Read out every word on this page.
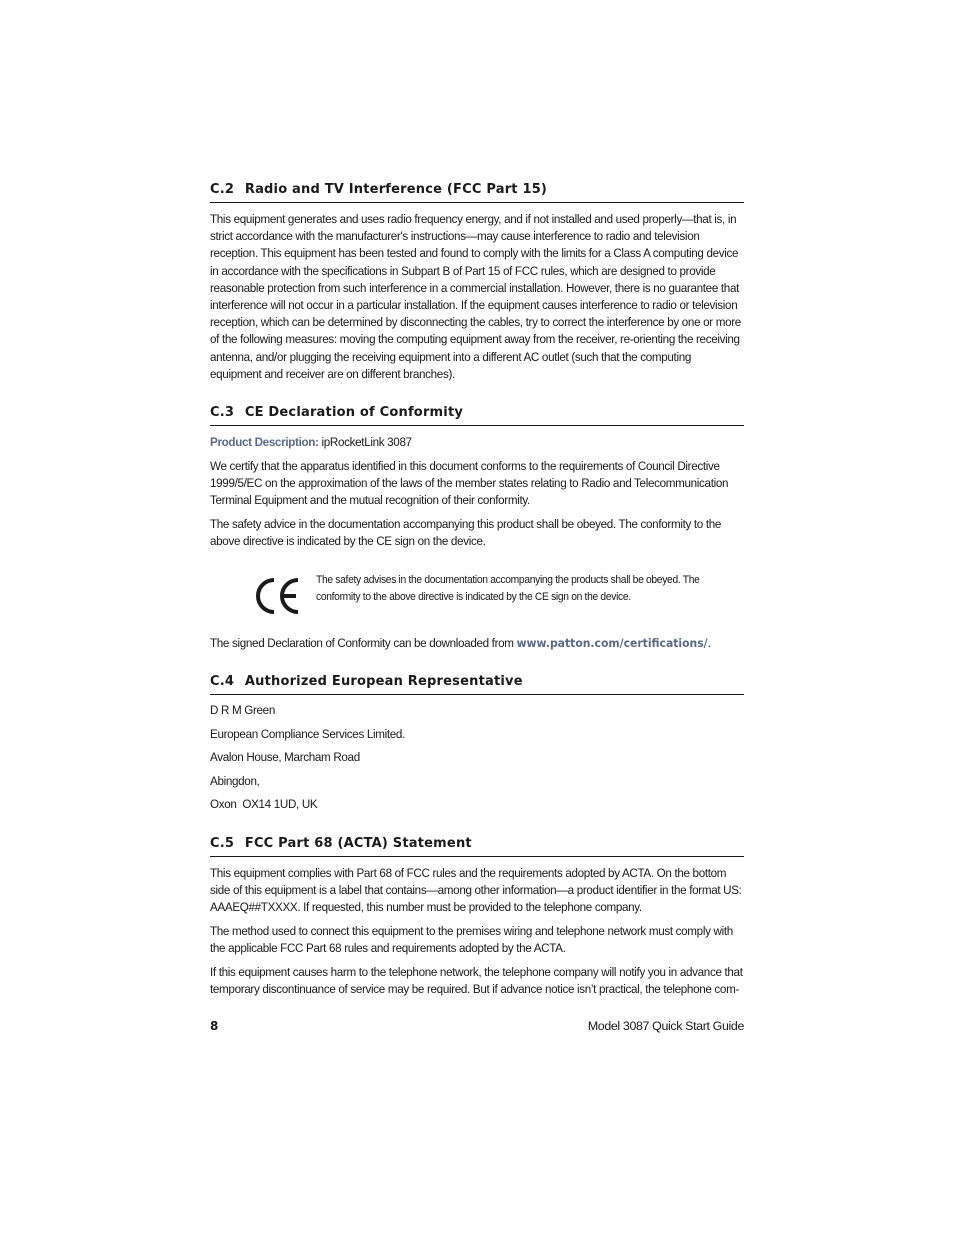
C.2 Radio and TV Interference (FCC Part 15)
This equipment generates and uses radio frequency energy, and if not installed and used properly—that is, in strict accordance with the manufacturer's instructions—may cause interference to radio and television reception. This equipment has been tested and found to comply with the limits for a Class A computing device in accordance with the specifications in Subpart B of Part 15 of FCC rules, which are designed to provide reasonable protection from such interference in a commercial installation. However, there is no guarantee that interference will not occur in a particular installation. If the equipment causes interference to radio or television reception, which can be determined by disconnecting the cables, try to correct the interference by one or more of the following measures: moving the computing equipment away from the receiver, re-orienting the receiving antenna, and/or plugging the receiving equipment into a different AC outlet (such that the computing equipment and receiver are on different branches).
C.3 CE Declaration of Conformity
Product Description: ipRocketLink 3087
We certify that the apparatus identified in this document conforms to the requirements of Council Directive 1999/5/EC on the approximation of the laws of the member states relating to Radio and Telecommunication Terminal Equipment and the mutual recognition of their conformity.
The safety advice in the documentation accompanying this product shall be obeyed. The conformity to the above directive is indicated by the CE sign on the device.
The safety advises in the documentation accompanying the products shall be obeyed. The conformity to the above directive is indicated by the CE sign on the device.
The signed Declaration of Conformity can be downloaded from www.patton.com/certifications/.
C.4 Authorized European Representative
D R M Green
European Compliance Services Limited.
Avalon House, Marcham Road
Abingdon,
Oxon  OX14 1UD, UK
C.5 FCC Part 68 (ACTA) Statement
This equipment complies with Part 68 of FCC rules and the requirements adopted by ACTA. On the bottom side of this equipment is a label that contains—among other information—a product identifier in the format US: AAAEQ##TXXXX. If requested, this number must be provided to the telephone company.
The method used to connect this equipment to the premises wiring and telephone network must comply with the applicable FCC Part 68 rules and requirements adopted by the ACTA.
If this equipment causes harm to the telephone network, the telephone company will notify you in advance that temporary discontinuance of service may be required. But if advance notice isn’t practical, the telephone com-
8	Model 3087 Quick Start Guide
